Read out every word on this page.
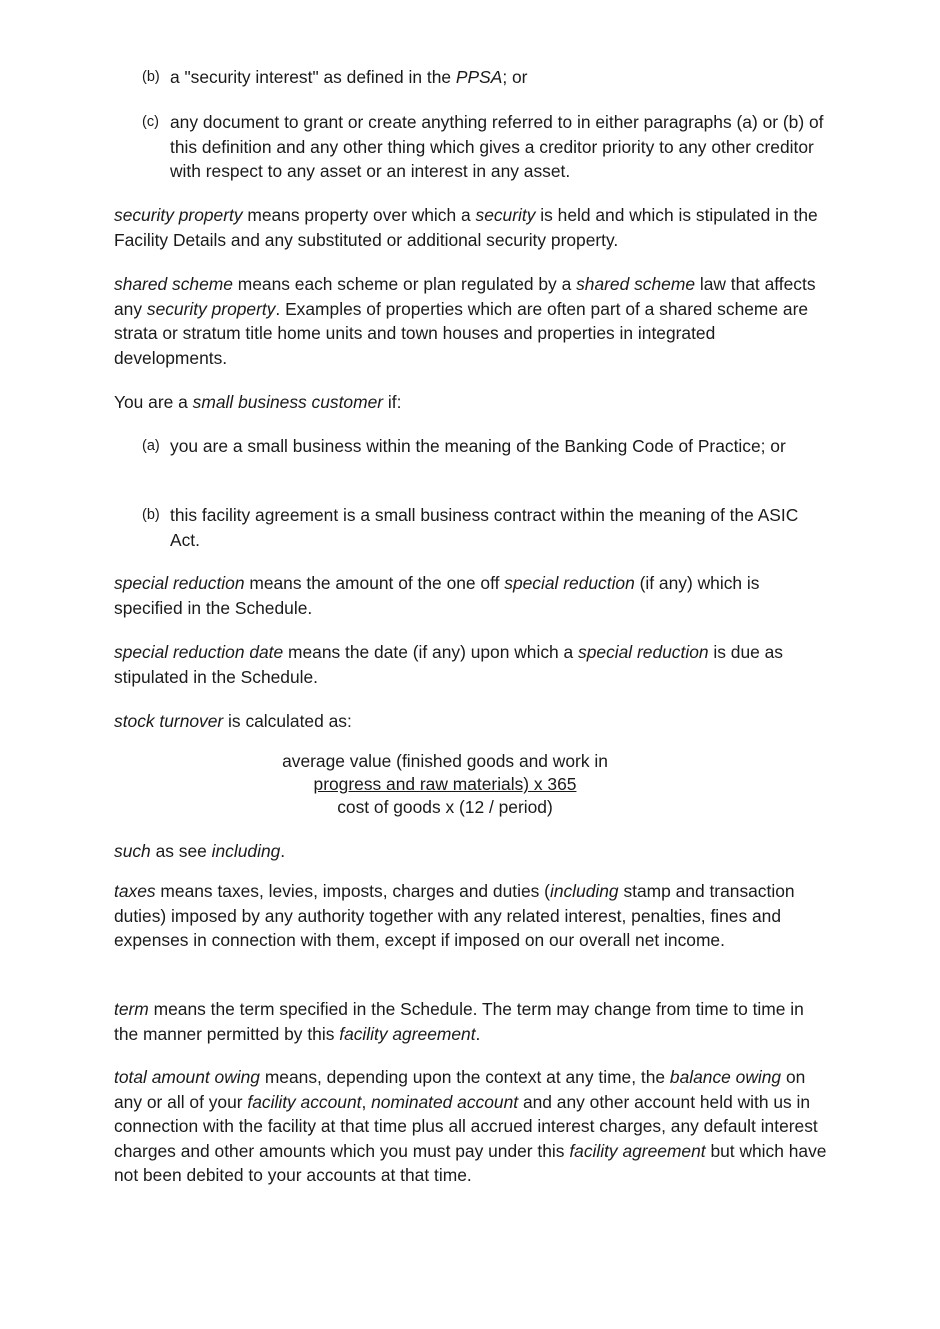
(b) a "security interest" as defined in the PPSA; or
(c) any document to grant or create anything referred to in either paragraphs (a) or (b) of this definition and any other thing which gives a creditor priority to any other creditor with respect to any asset or an interest in any asset.

security property means property over which a security is held and which is stipulated in the Facility Details and any substituted or additional security property.

shared scheme means each scheme or plan regulated by a shared scheme law that affects any security property. Examples of properties which are often part of a shared scheme are strata or stratum title home units and town houses and properties in integrated developments.

You are a small business customer if:

(a) you are a small business within the meaning of the Banking Code of Practice; or
(b) this facility agreement is a small business contract within the meaning of the ASIC Act.

special reduction means the amount of the one off special reduction (if any) which is specified in the Schedule.

special reduction date means the date (if any) upon which a special reduction is due as stipulated in the Schedule.

stock turnover is calculated as:

average value (finished goods and work in
progress and raw materials) x 365
cost of goods x (12 / period)

such as see including.

taxes means taxes, levies, imposts, charges and duties (including stamp and transaction duties) imposed by any authority together with any related interest, penalties, fines and expenses in connection with them, except if imposed on our overall net income.

term means the term specified in the Schedule. The term may change from time to time in the manner permitted by this facility agreement.

total amount owing means, depending upon the context at any time, the balance owing on any or all of your facility account, nominated account and any other account held with us in connection with the facility at that time plus all accrued interest charges, any default interest charges and other amounts which you must pay under this facility agreement but which have not been debited to your accounts at that time.
